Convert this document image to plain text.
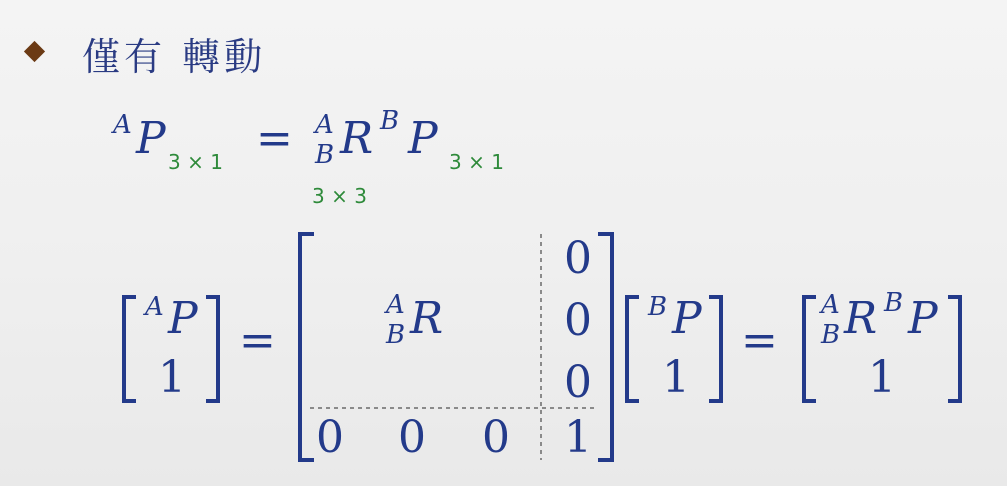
僅有 轉動
A P 3 × 1 = A
B R B P 3 × 1
3 × 3
A P
1
=
A
B R
0
0
0
0 0 0 1
B P
1
=
A
B R B P
1
